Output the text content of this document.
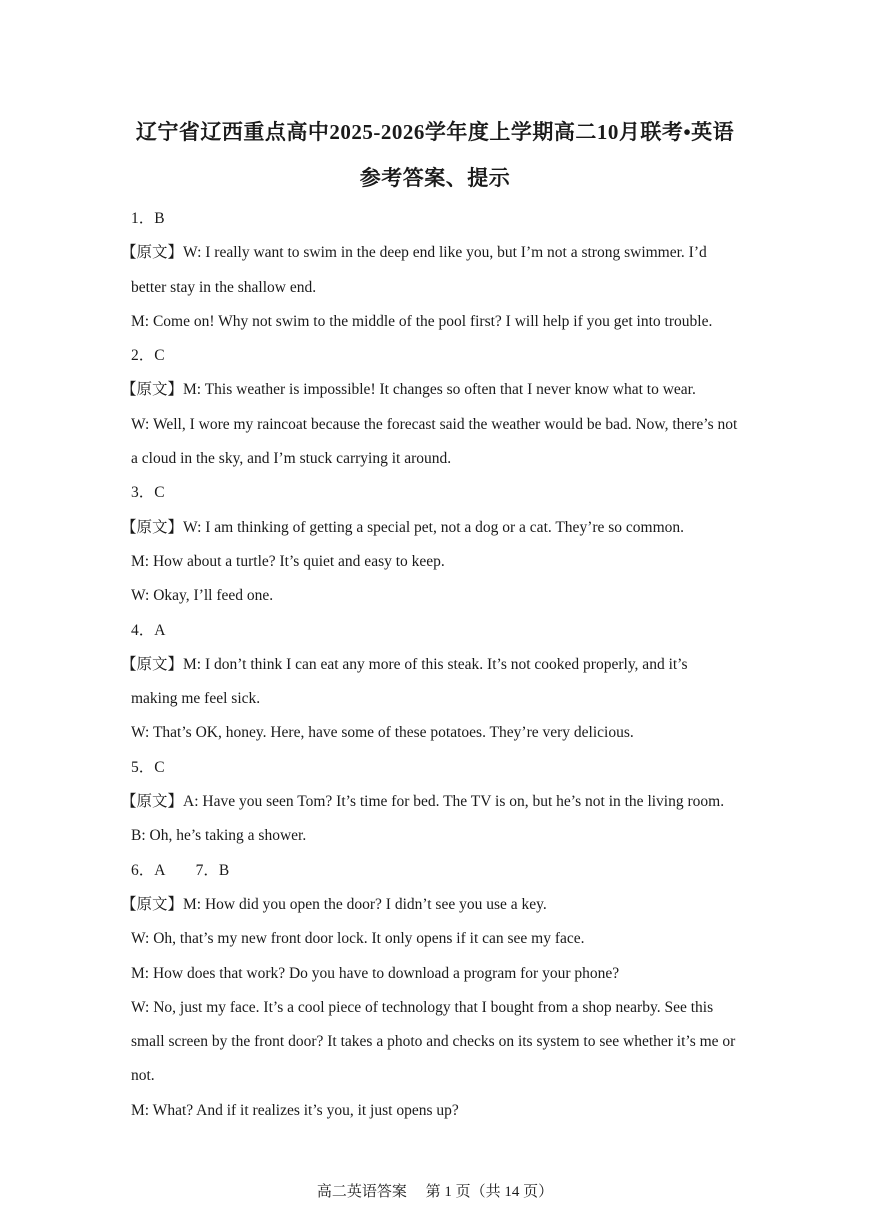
辽宁省辽西重点高中2025-2026学年度上学期高二10月联考•英语
参考答案、提示
1．B
【原文】W: I really want to swim in the deep end like you, but I’m not a strong swimmer. I’d
better stay in the shallow end.
M: Come on! Why not swim to the middle of the pool first? I will help if you get into trouble.
2．C
【原文】M: This weather is impossible! It changes so often that I never know what to wear.
W: Well, I wore my raincoat because the forecast said the weather would be bad. Now, there’s not
a cloud in the sky, and I’m stuck carrying it around.
3．C
【原文】W: I am thinking of getting a special pet, not a dog or a cat. They’re so common.
M: How about a turtle? It’s quiet and easy to keep.
W: Okay, I’ll feed one.
4．A
【原文】M: I don’t think I can eat any more of this steak. It’s not cooked properly, and it’s
making me feel sick.
W: That’s OK, honey. Here, have some of these potatoes. They’re very delicious.
5．C
【原文】A: Have you seen Tom? It’s time for bed. The TV is on, but he’s not in the living room.
B: Oh, he’s taking a shower.
6．A　　7．B
【原文】M: How did you open the door? I didn’t see you use a key.
W: Oh, that’s my new front door lock. It only opens if it can see my face.
M: How does that work? Do you have to download a program for your phone?
W: No, just my face. It’s a cool piece of technology that I bought from a shop nearby. See this
small screen by the front door? It takes a photo and checks on its system to see whether it’s me or
not.
M: What? And if it realizes it’s you, it just opens up?
高二英语答案　 第 1 页（共 14 页）
